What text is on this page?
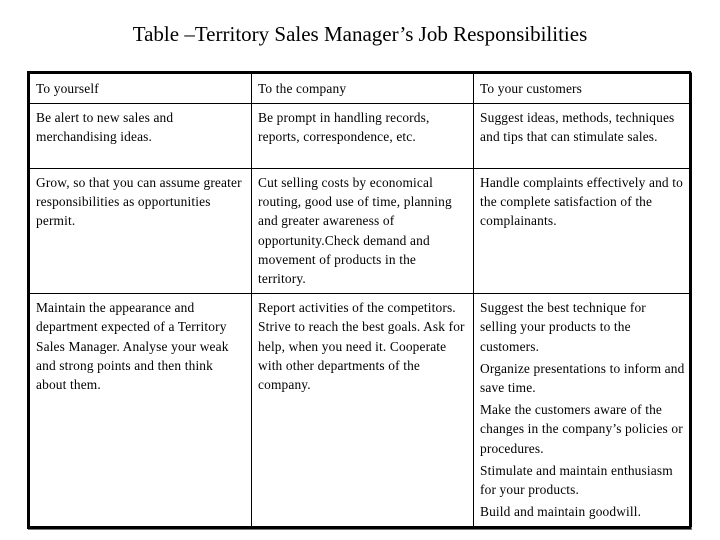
Table –Territory Sales Manager’s Job Responsibilities
To yourself	To the company	To your customers

Be alert to new sales and merchandising ideas.	Be prompt in handling records, reports, correspondence, etc.	Suggest ideas, methods, techniques and tips that can stimulate sales.

Grow, so that you can assume greater responsibilities as opportunities permit.	Cut selling costs by economical routing, good use of time, planning and greater awareness of opportunity.Check demand and movement of products in the territory.	Handle complaints effectively and to the complete satisfaction of the complainants.

Maintain the appearance and department expected of a Territory Sales Manager. Analyse your weak and strong points and then think about them.	Report activities of the competitors. Strive to reach the best goals. Ask for help, when you need it. Cooperate with other departments of the company.	Suggest the best technique for selling your products to the customers.
Organize presentations to inform and save time.
Make the customers aware of the changes in the company’s policies or procedures.
Stimulate and maintain enthusiasm for your products.
Build and maintain goodwill.
